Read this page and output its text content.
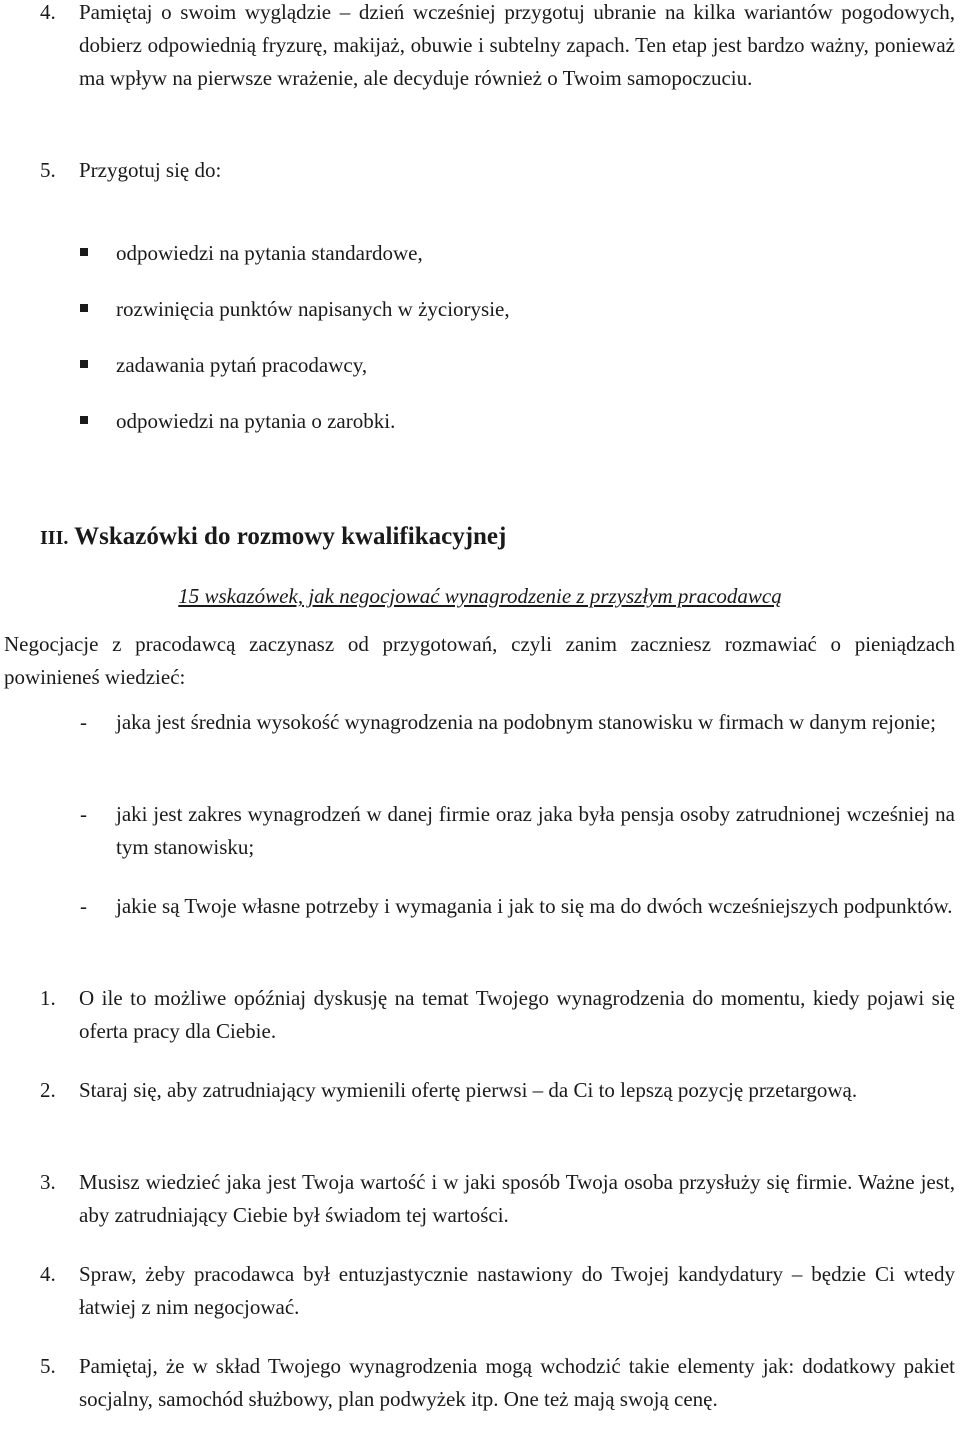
4.	Pamiętaj o swoim wyglądzie – dzień wcześniej przygotuj ubranie na kilka wariantów pogodowych, dobierz odpowiednią fryzurę, makijaż, obuwie i subtelny zapach. Ten etap jest bardzo ważny, ponieważ ma wpływ na pierwsze wrażenie, ale decyduje również o Twoim samopoczuciu.
5.	Przygotuj się do:
odpowiedzi na pytania standardowe,
rozwinięcia punktów napisanych w życiorysie,
zadawania pytań pracodawcy,
odpowiedzi na pytania o zarobki.
III. Wskazówki do rozmowy kwalifikacyjnej
15 wskazówek, jak negocjować wynagrodzenie z przyszłym pracodawcą
Negocjacje z pracodawcą zaczynasz od przygotowań, czyli zanim zaczniesz rozmawiać o pieniądzach powinieneś wiedzieć:
- jaka jest średnia wysokość wynagrodzenia na podobnym stanowisku w firmach w danym rejonie;
- jaki jest zakres wynagrodzeń w danej firmie oraz jaka była pensja osoby zatrudnionej wcześniej na tym stanowisku;
- jakie są Twoje własne potrzeby i wymagania i jak to się ma do dwóch wcześniejszych podpunktów.
1.	O ile to możliwe opóźniaj dyskusję na temat Twojego wynagrodzenia do momentu, kiedy pojawi się oferta pracy dla Ciebie.
2.	Staraj się, aby zatrudniający wymienili ofertę pierwsi – da Ci to lepszą pozycję przetargową.
3.	Musisz wiedzieć jaka jest Twoja wartość i w jaki sposób Twoja osoba przysłuży się firmie. Ważne jest, aby zatrudniający Ciebie był świadom tej wartości.
4.	Spraw, żeby pracodawca był entuzjastycznie nastawiony do Twojej kandydatury – będzie Ci wtedy łatwiej z nim negocjować.
5.	Pamiętaj, że w skład Twojego wynagrodzenia mogą wchodzić takie elementy jak: dodatkowy pakiet socjalny, samochód służbowy, plan podwyżek itp. One też mają swoją cenę.
